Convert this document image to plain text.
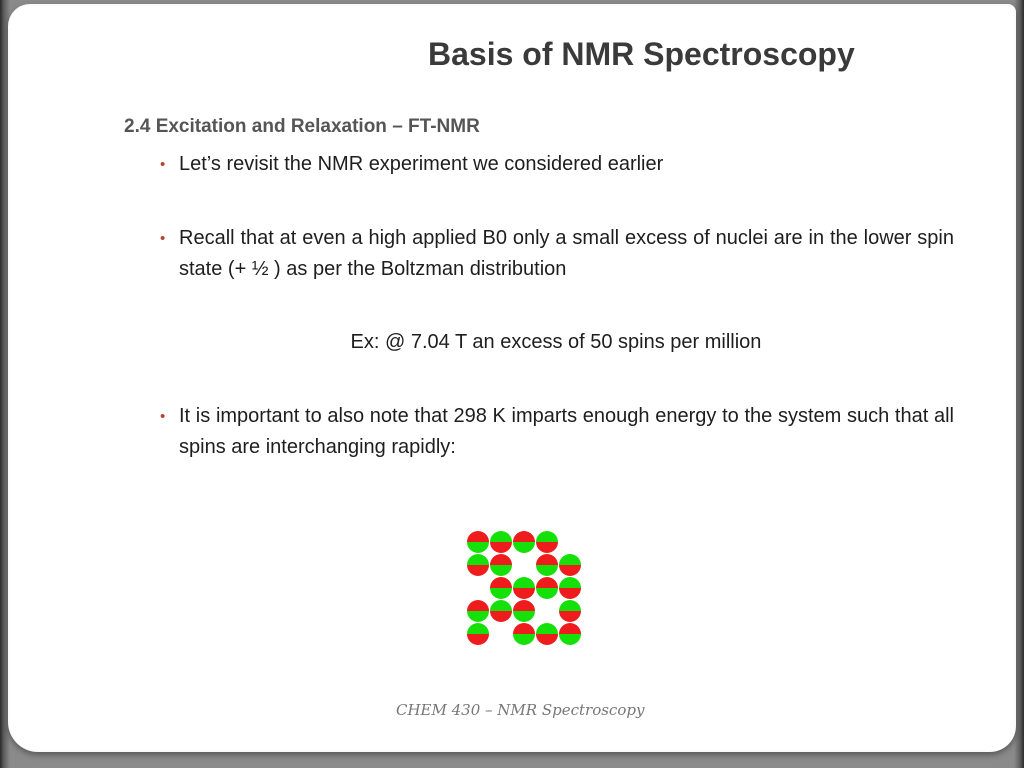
Basis of NMR Spectroscopy
2.4 Excitation and Relaxation – FT-NMR
• Let’s revisit the NMR experiment we considered earlier
• Recall that at even a high applied B0 only a small excess of nuclei are in the lower spin state (+ ½ ) as per the Boltzman distribution
Ex: @ 7.04 T an excess of 50 spins per million
• It is important to also note that 298 K imparts enough energy to the system such that all spins are interchanging rapidly:
CHEM 430 – NMR Spectroscopy
